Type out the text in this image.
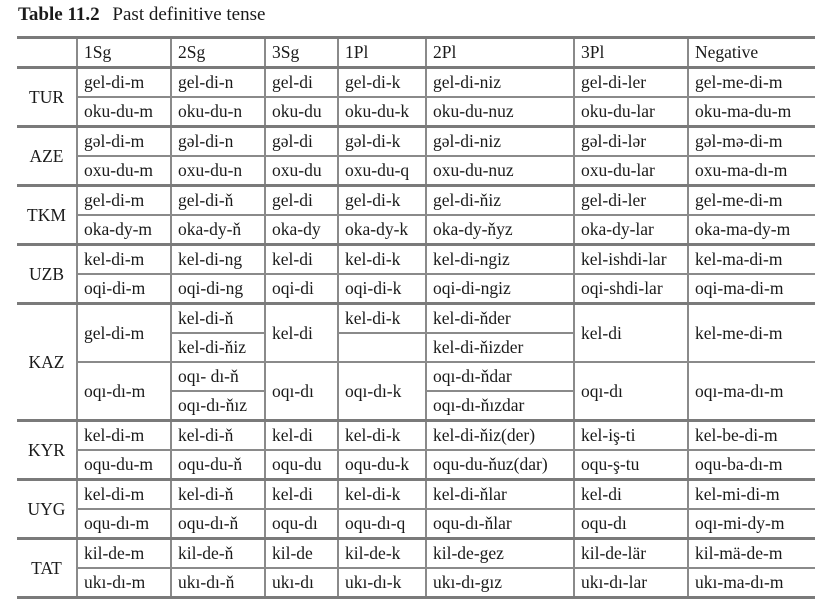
Table 11.2 Past definitive tense
	1Sg	2Sg	3Sg	1Pl	2Pl	3Pl	Negative
TUR	gel-di-m	gel-di-n	gel-di	gel-di-k	gel-di-niz	gel-di-ler	gel-me-di-m
	oku-du-m	oku-du-n	oku-du	oku-du-k	oku-du-nuz	oku-du-lar	oku-ma-du-m
AZE	gəl-di-m	gəl-di-n	gəl-di	gəl-di-k	gəl-di-niz	gəl-di-lər	gəl-mə-di-m
	oxu-du-m	oxu-du-n	oxu-du	oxu-du-q	oxu-du-nuz	oxu-du-lar	oxu-ma-dı-m
TKM	gel-di-m	gel-di-ň	gel-di	gel-di-k	gel-di-ňiz	gel-di-ler	gel-me-di-m
	oka-dy-m	oka-dy-ň	oka-dy	oka-dy-k	oka-dy-ňyz	oka-dy-lar	oka-ma-dy-m
UZB	kel-di-m	kel-di-ng	kel-di	kel-di-k	kel-di-ngiz	kel-ishdi-lar	kel-ma-di-m
	oqi-di-m	oqi-di-ng	oqi-di	oqi-di-k	oqi-di-ngiz	oqi-shdi-lar	oqi-ma-di-m
KAZ	gel-di-m	kel-di-ň	kel-di	kel-di-k	kel-di-ňder	kel-di	kel-me-di-m
		kel-di-ňiz			kel-di-ňizder		
	oqı-dı-m	oqı- dı-ň	oqı-dı	oqı-dı-k	oqı-dı-ňdar	oqı-dı	oqı-ma-dı-m
		oqı-dı-ňız			oqı-dı-ňızdar		
KYR	kel-di-m	kel-di-ň	kel-di	kel-di-k	kel-di-ňiz(der)	kel-iş-ti	kel-be-di-m
	oqu-du-m	oqu-du-ň	oqu-du	oqu-du-k	oqu-du-ňuz(dar)	oqu-ş-tu	oqu-ba-dı-m
UYG	kel-di-m	kel-di-ň	kel-di	kel-di-k	kel-di-ňlar	kel-di	kel-mi-di-m
	oqu-dı-m	oqu-dı-ň	oqu-dı	oqu-dı-q	oqu-dı-ňlar	oqu-dı	oqı-mi-dy-m
TAT	kil-de-m	kil-de-ň	kil-de	kil-de-k	kil-de-gez	kil-de-lär	kil-mä-de-m
	ukı-dı-m	ukı-dı-ň	ukı-dı	ukı-dı-k	ukı-dı-gız	ukı-dı-lar	ukı-ma-dı-m
